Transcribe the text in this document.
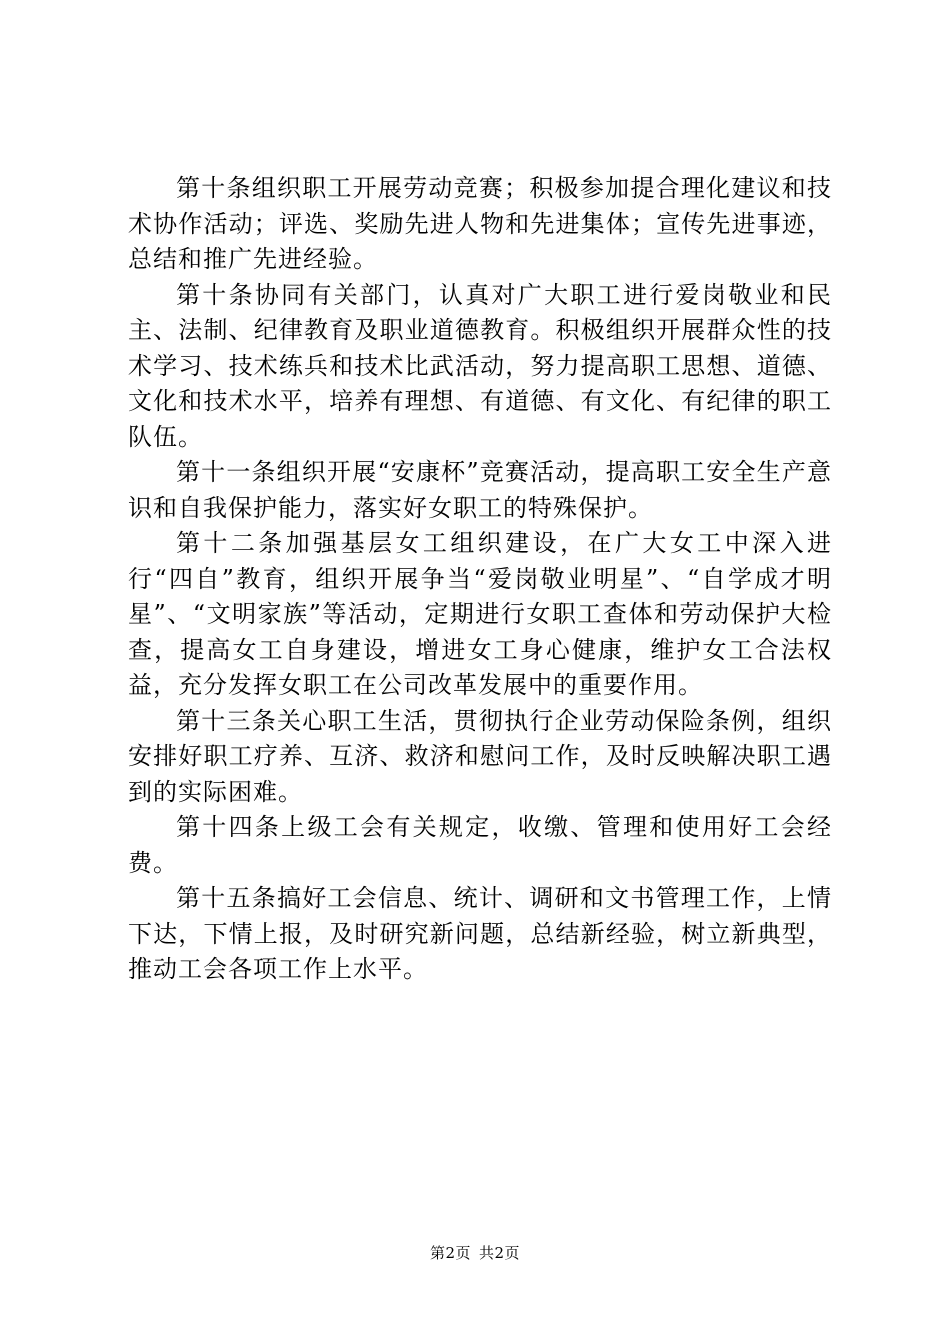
第十条组织职工开展劳动竞赛；积极参加提合理化建议和技术协作活动；评选、奖励先进人物和先进集体；宣传先进事迹，总结和推广先进经验。

第十条协同有关部门，认真对广大职工进行爱岗敬业和民主、法制、纪律教育及职业道德教育。积极组织开展群众性的技术学习、技术练兵和技术比武活动，努力提高职工思想、道德、文化和技术水平，培养有理想、有道德、有文化、有纪律的职工队伍。

第十一条组织开展“安康杯”竞赛活动，提高职工安全生产意识和自我保护能力，落实好女职工的特殊保护。

第十二条加强基层女工组织建设，在广大女工中深入进行“四自”教育，组织开展争当“爱岗敬业明星”、“自学成才明星”、“文明家族”等活动，定期进行女职工查体和劳动保护大检查，提高女工自身建设，增进女工身心健康，维护女工合法权益，充分发挥女职工在公司改革发展中的重要作用。

第十三条关心职工生活，贯彻执行企业劳动保险条例，组织安排好职工疗养、互济、救济和慰问工作，及时反映解决职工遇到的实际困难。

第十四条上级工会有关规定，收缴、管理和使用好工会经费。

第十五条搞好工会信息、统计、调研和文书管理工作，上情下达，下情上报，及时研究新问题，总结新经验，树立新典型，推动工会各项工作上水平。

第2页 共2页
